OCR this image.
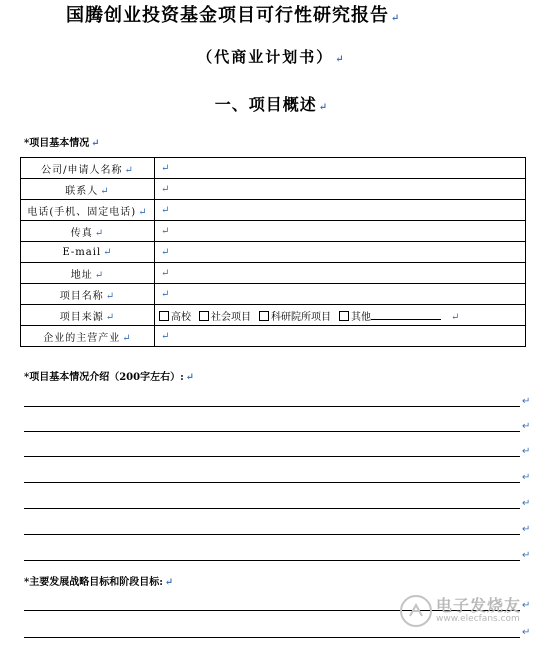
国腾创业投资基金项目可行性研究报告 ↵
（代商业计划书） ↵
一、项目概述 ↵
*项目基本情况 ↵
公司/申请人名称 ↵	↵
联系人 ↵	↵
电话(手机、固定电话) ↵	↵
传真 ↵	↵
E-mail ↵	↵
地址 ↵	↵
项目名称 ↵	↵
项目来源 ↵	高校 社会项目 科研院所项目 其他 ↵
企业的主营产业 ↵	↵
*项目基本情况介绍（200字左右）: ↵
↵
↵
↵
↵
↵
↵
↵
*主要发展战略目标和阶段目标: ↵
↵
↵
电子发烧友
www.elecfans.com
